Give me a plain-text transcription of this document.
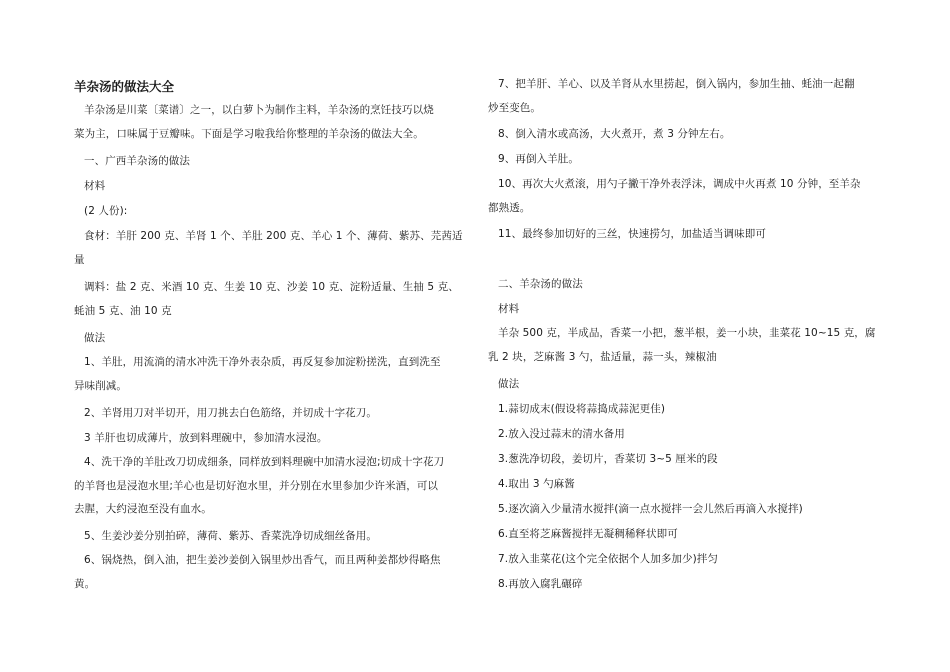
羊杂汤的做法大全
羊杂汤是川菜〔菜谱〕之一，以白萝卜为制作主料，羊杂汤的烹饪技巧以烧
菜为主，口味属于豆瓣味。下面是学习啦我给你整理的羊杂汤的做法大全。
一、广西羊杂汤的做法
材料
(2 人份):
食材：羊肝 200 克、羊肾 1 个、羊肚 200 克、羊心 1 个、薄荷、紫苏、芫茜适
量
调料：盐 2 克、米酒 10 克、生姜 10 克、沙姜 10 克、淀粉适量、生抽 5 克、
蚝油 5 克、油 10 克
做法
1、羊肚，用流淌的清水冲洗干净外表杂质，再反复参加淀粉搓洗，直到洗至
异味削减。
2、羊肾用刀对半切开，用刀挑去白色筋络，并切成十字花刀。
3 羊肝也切成薄片，放到料理碗中，参加清水浸泡。
4、洗干净的羊肚改刀切成细条，同样放到料理碗中加清水浸泡;切成十字花刀
的羊肾也是浸泡水里;羊心也是切好泡水里，并分别在水里参加少许米酒，可以
去腥，大约浸泡至没有血水。
5、生姜沙姜分别拍碎，薄荷、紫苏、香菜洗净切成细丝备用。
6、锅烧热，倒入油，把生姜沙姜倒入锅里炒出香气，而且两种姜都炒得略焦
黄。
7、把羊肝、羊心、以及羊肾从水里捞起，倒入锅内，参加生抽、蚝油一起翻
炒至变色。
8、倒入清水或高汤，大火煮开，煮 3 分钟左右。
9、再倒入羊肚。
10、再次大火煮滚，用勺子撇干净外表浮沫，调成中火再煮 10 分钟，至羊杂
都熟透。
11、最终参加切好的三丝，快速捞匀，加盐适当调味即可
二、羊杂汤的做法
材料
羊杂 500 克，半成品，香菜一小把，葱半根，姜一小块，韭菜花 10~15 克，腐
乳 2 块，芝麻酱 3 勺，盐适量，蒜一头，辣椒油
做法
1.蒜切成末(假设将蒜捣成蒜泥更佳)
2.放入没过蒜末的清水备用
3.葱洗净切段，姜切片，香菜切 3~5 厘米的段
4.取出 3 勺麻酱
5.逐次滴入少量清水搅拌(滴一点水搅拌一会儿然后再滴入水搅拌)
6.直至将芝麻酱搅拌无凝稠稀释状即可
7.放入韭菜花(这个完全依据个人加多加少)拌匀
8.再放入腐乳碾碎
